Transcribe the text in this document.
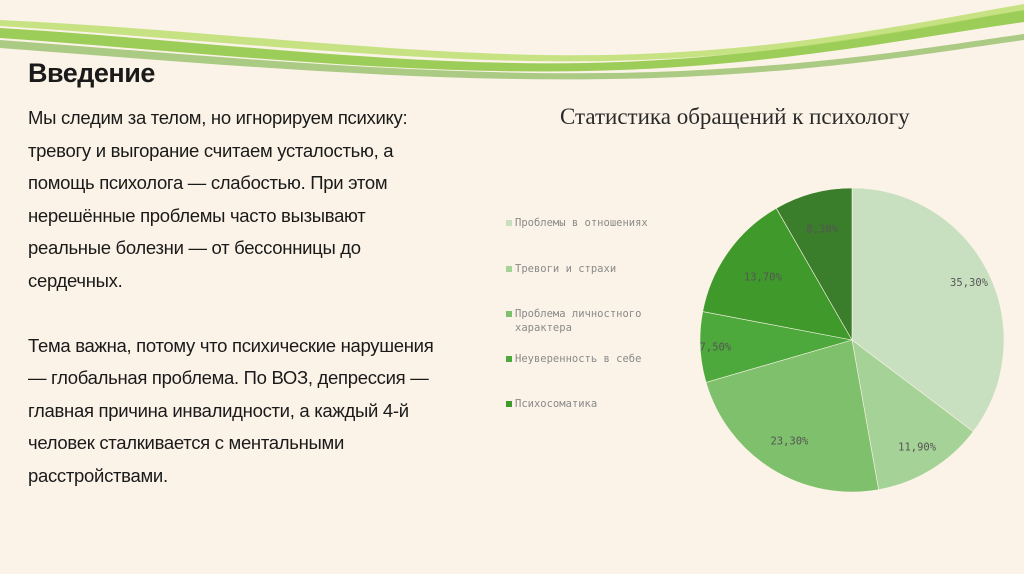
Введение

Мы следим за телом, но игнорируем психику: тревогу и выгорание считаем усталостью, а помощь психолога — слабостью. При этом нерешённые проблемы часто вызывают реальные болезни — от бессонницы до сердечных.

Тема важна, потому что психические нарушения — глобальная проблема. По ВОЗ, депрессия — главная причина инвалидности, а каждый 4-й человек сталкивается с ментальными расстройствами.

Статистика обращений к психологу
Проблемы в отношениях
Тревоги и страхи
Проблема личностного характера
Неуверенность в себе
Психосоматика
35,30%
11,90%
23,30%
7,50%
13,70%
8,30%
